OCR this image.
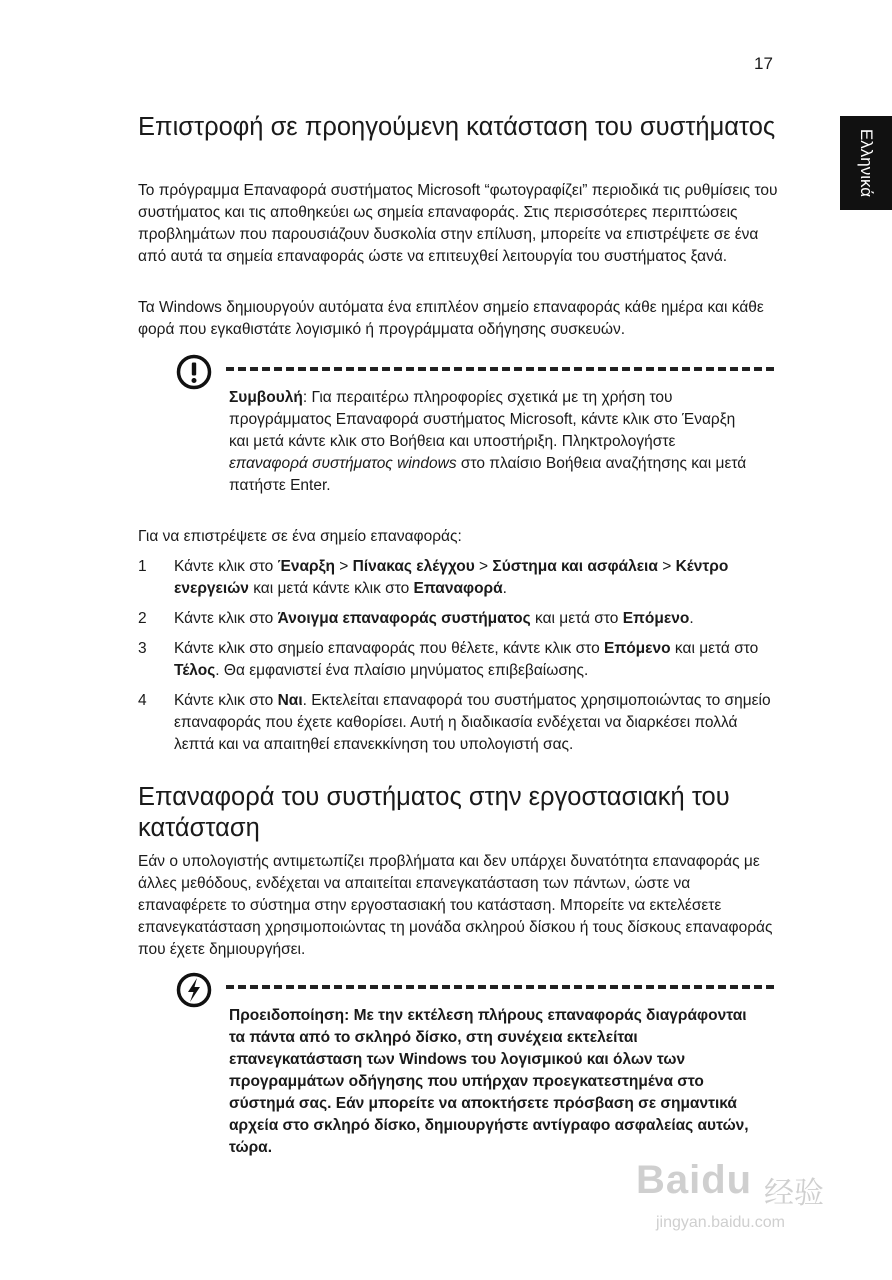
17
Ελληνικά
Επιστροφή σε προηγούμενη κατάσταση του συστήματος

Το πρόγραμμα Επαναφορά συστήματος Microsoft “φωτογραφίζει” περιοδικά τις ρυθμίσεις του συστήματος και τις αποθηκεύει ως σημεία επαναφοράς. Στις περισσότερες περιπτώσεις προβλημάτων που παρουσιάζουν δυσκολία στην επίλυση, μπορείτε να επιστρέψετε σε ένα από αυτά τα σημεία επαναφοράς ώστε να επιτευχθεί λειτουργία του συστήματος ξανά.

Τα Windows δημιουργούν αυτόματα ένα επιπλέον σημείο επαναφοράς κάθε ημέρα και κάθε φορά που εγκαθιστάτε λογισμικό ή προγράμματα οδήγησης συσκευών.

Συμβουλή: Για περαιτέρω πληροφορίες σχετικά με τη χρήση του προγράμματος Επαναφορά συστήματος Microsoft, κάντε κλικ στο Έναρξη και μετά κάντε κλικ στο Βοήθεια και υποστήριξη. Πληκτρολογήστε επαναφορά συστήματος windows στο πλαίσιο Βοήθεια αναζήτησης και μετά πατήστε Enter.

Για να επιστρέψετε σε ένα σημείο επαναφοράς:

1 Κάντε κλικ στο Έναρξη > Πίνακας ελέγχου > Σύστημα και ασφάλεια > Κέντρο ενεργειών και μετά κάντε κλικ στο Επαναφορά.
2 Κάντε κλικ στο Άνοιγμα επαναφοράς συστήματος και μετά στο Επόμενο.
3 Κάντε κλικ στο σημείο επαναφοράς που θέλετε, κάντε κλικ στο Επόμενο και μετά στο Τέλος. Θα εμφανιστεί ένα πλαίσιο μηνύματος επιβεβαίωσης.
4 Κάντε κλικ στο Ναι. Εκτελείται επαναφορά του συστήματος χρησιμοποιώντας το σημείο επαναφοράς που έχετε καθορίσει. Αυτή η διαδικασία ενδέχεται να διαρκέσει πολλά λεπτά και να απαιτηθεί επανεκκίνηση του υπολογιστή σας.
Επαναφορά του συστήματος στην εργοστασιακή του κατάσταση

Εάν ο υπολογιστής αντιμετωπίζει προβλήματα και δεν υπάρχει δυνατότητα επαναφοράς με άλλες μεθόδους, ενδέχεται να απαιτείται επανεγκατάσταση των πάντων, ώστε να επαναφέρετε το σύστημα στην εργοστασιακή του κατάσταση. Μπορείτε να εκτελέσετε επανεγκατάσταση χρησιμοποιώντας τη μονάδα σκληρού δίσκου ή τους δίσκους επαναφοράς που έχετε δημιουργήσει.

Προειδοποίηση: Με την εκτέλεση πλήρους επαναφοράς διαγράφονται τα πάντα από το σκληρό δίσκο, στη συνέχεια εκτελείται επανεγκατάσταση των Windows του λογισμικού και όλων των προγραμμάτων οδήγησης που υπήρχαν προεγκατεστημένα στο σύστημά σας. Εάν μπορείτε να αποκτήσετε πρόσβαση σε σημαντικά αρχεία στο σκληρό δίσκο, δημιουργήστε αντίγραφο ασφαλείας αυτών, τώρα.
Baidu 经验
jingyan.baidu.com
